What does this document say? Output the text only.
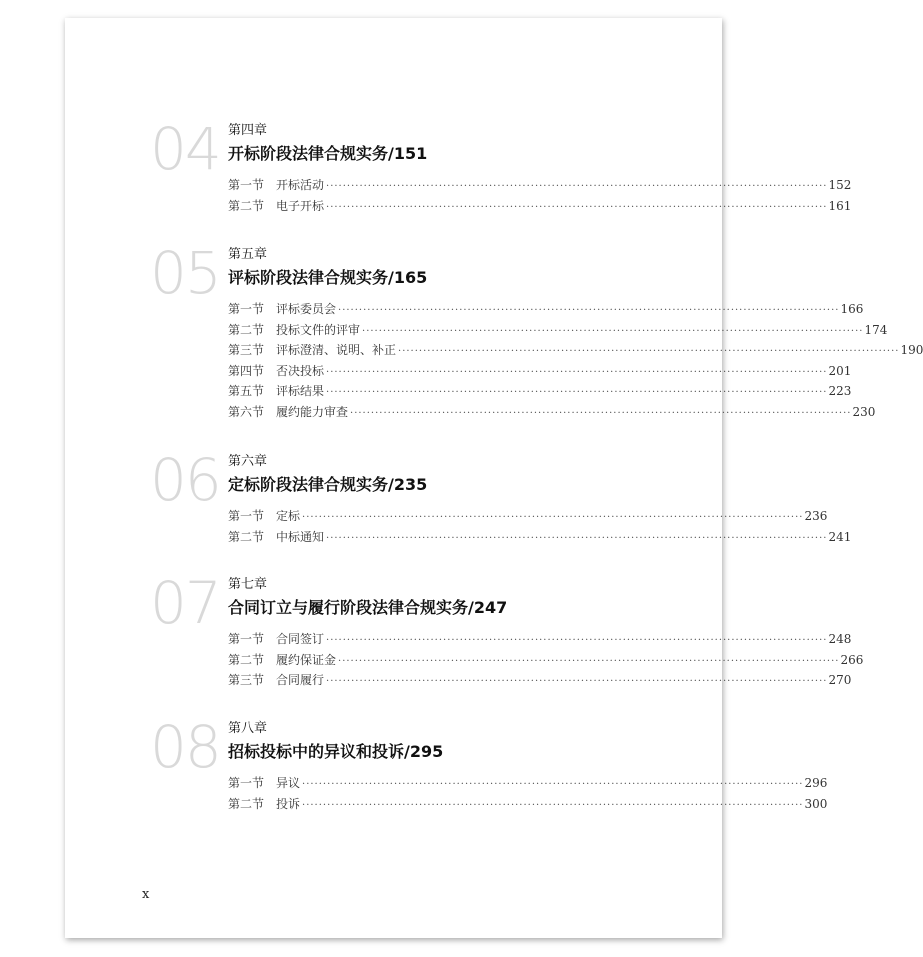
04 第四章
开标阶段法律合规实务/151
第一节 开标活动 ························································································································ 152
第二节 电子开标 ························································································································ 161
05 第五章
评标阶段法律合规实务/165
第一节 评标委员会 ························································································································ 166
第二节 投标文件的评审 ························································································································ 174
第三节 评标澄清、说明、补正 ························································································································ 190
第四节 否决投标 ························································································································ 201
第五节 评标结果 ························································································································ 223
第六节 履约能力审查 ························································································································ 230
06 第六章
定标阶段法律合规实务/235
第一节 定标 ························································································································ 236
第二节 中标通知 ························································································································ 241
07 第七章
合同订立与履行阶段法律合规实务/247
第一节 合同签订 ························································································································ 248
第二节 履约保证金 ························································································································ 266
第三节 合同履行 ························································································································ 270
08 第八章
招标投标中的异议和投诉/295
第一节 异议 ························································································································ 296
第二节 投诉 ························································································································ 300
x
